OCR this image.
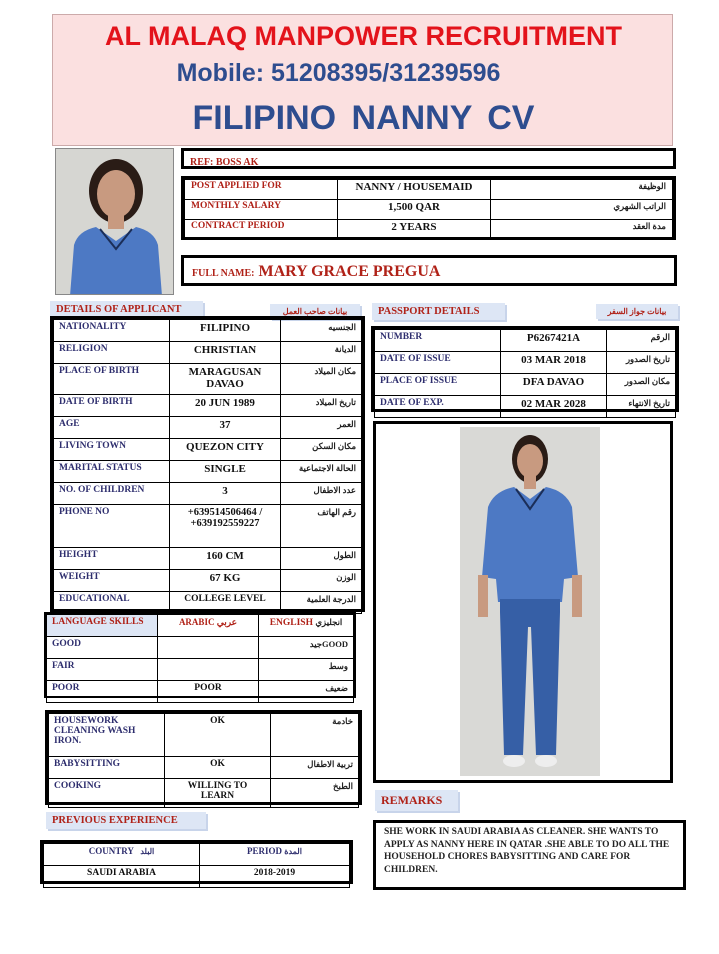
AL MALAQ MANPOWER RECRUITMENT
Mobile: 51208395/31239596
FILIPINO NANNY CV
REF: BOSS AK
POST APPLIED FOR	NANNY / HOUSEMAID	الوظيفة
MONTHLY SALARY	1,500 QAR	الراتب الشهري
CONTRACT PERIOD	2 YEARS	مدة العقد
FULL NAME: MARY GRACE PREGUA
DETAILS OF APPLICANT	بيانات صاحب العمل
NATIONALITY	FILIPINO	الجنسيه
RELIGION	CHRISTIAN	الديانة
PLACE OF BIRTH	MARAGUSAN DAVAO	مكان الميلاد
DATE OF BIRTH	20 JUN 1989	تاريخ الميلاد
AGE	37	العمر
LIVING TOWN	QUEZON CITY	مكان السكن
MARITAL STATUS	SINGLE	الحالة الاجتماعية
NO. OF CHILDREN	3	عدد الاطفال
PHONE NO	+639514506464 / +639192559227	رقم الهاتف
HEIGHT	160 CM	الطول
WEIGHT	67 KG	الوزن
EDUCATIONAL	COLLEGE LEVEL	الدرجة العلمية
PASSPORT DETAILS	بيانات جواز السفر
NUMBER	P6267421A	الرقم
DATE OF ISSUE	03 MAR 2018	تاريخ الصدور
PLACE OF ISSUE	DFA DAVAO	مكان الصدور
DATE OF EXP.	02 MAR 2028	تاريخ الانتهاء
LANGUAGE SKILLS	ARABIC عربي	ENGLISH انجليزي
GOOD		جيدGOOD
FAIR		وسط
POOR	POOR	ضعيف
HOUSEWORK CLEANING WASH IRON.	OK	خادمة
BABYSITTING	OK	تربية الاطفال
COOKING	WILLING TO LEARN	الطبخ
REMARKS
SHE WORK IN SAUDI ARABIA AS CLEANER. SHE WANTS TO APPLY AS NANNY HERE IN QATAR .SHE ABLE TO DO ALL THE HOUSEHOLD CHORES BABYSITTING AND CARE FOR CHILDREN.
PREVIOUS EXPERIENCE
COUNTRY البلد	PERIOD المدة
SAUDI ARABIA	2018-2019
